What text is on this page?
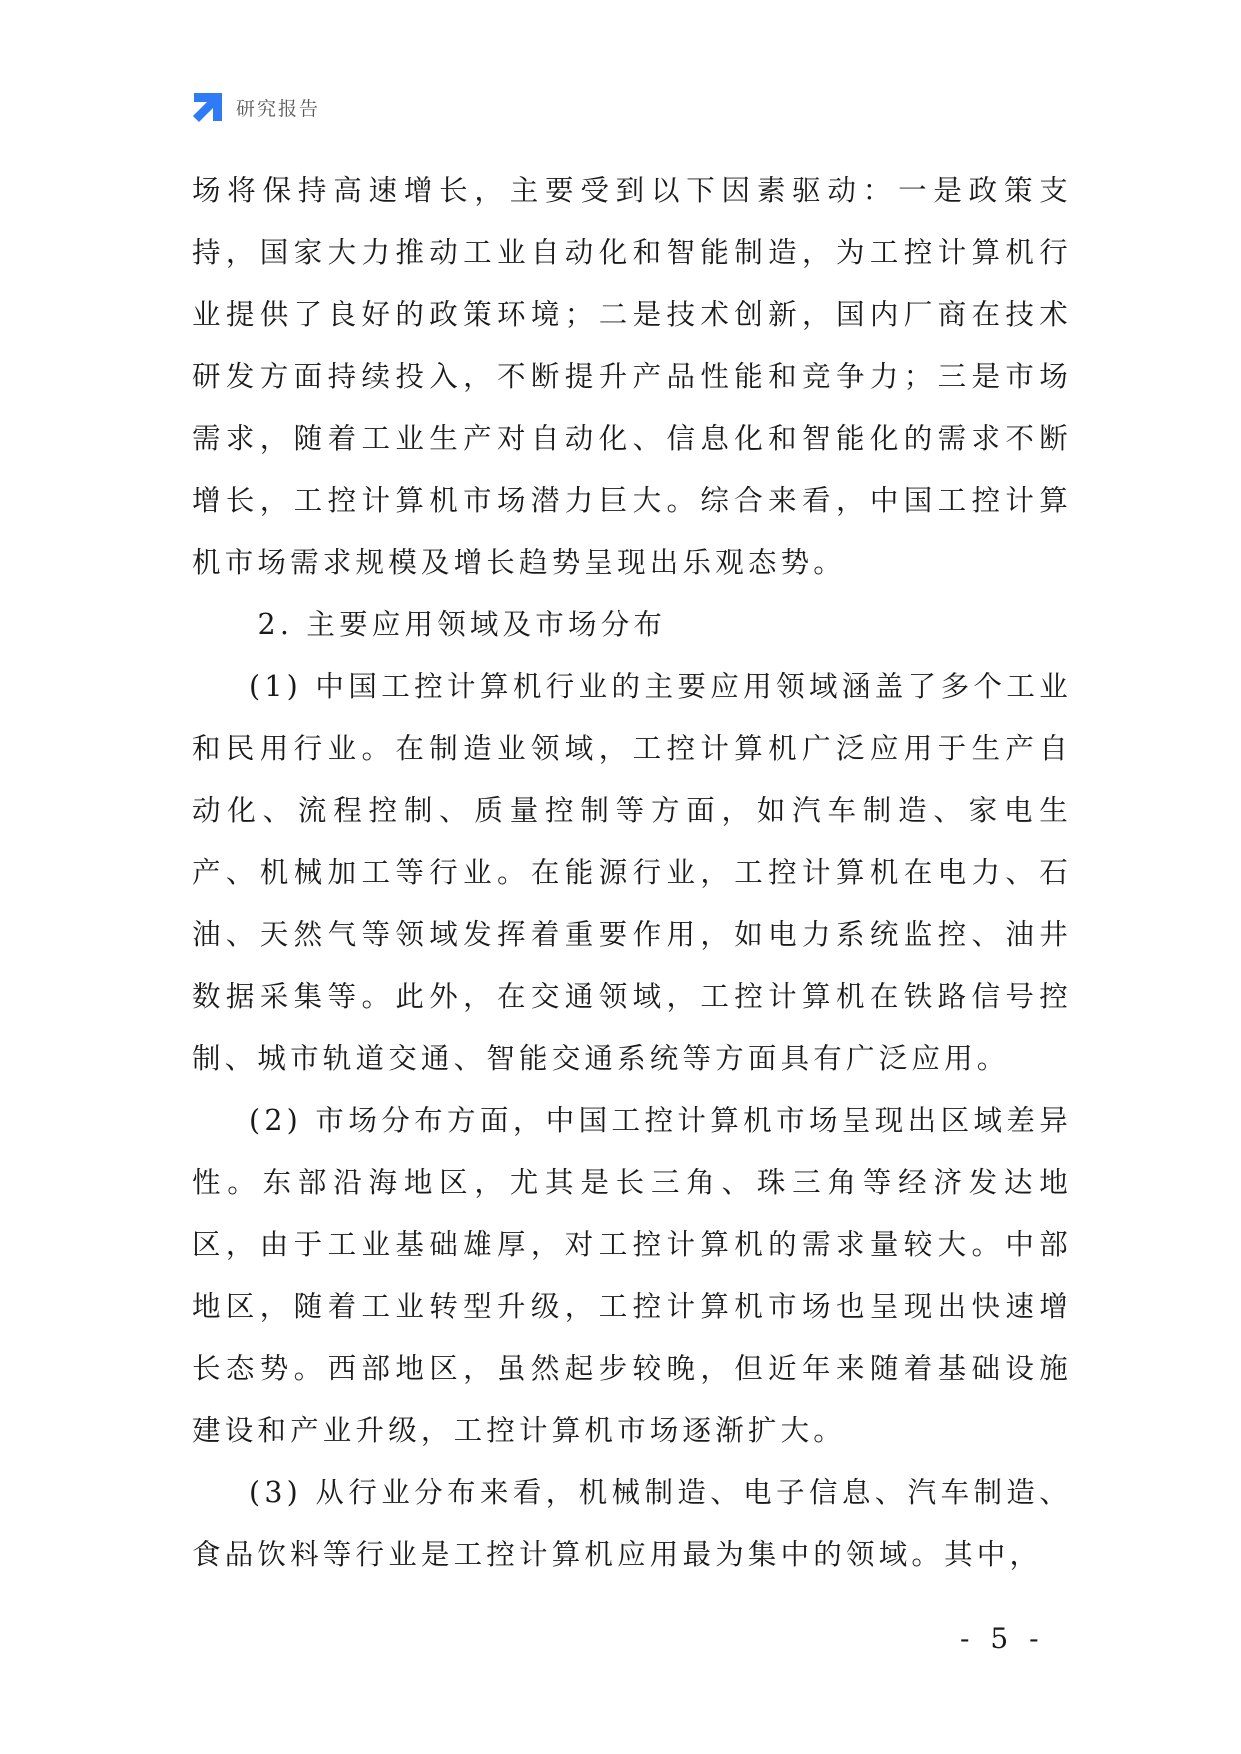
研究报告

场将保持高速增长，主要受到以下因素驱动：一是政策支持，国家大力推动工业自动化和智能制造，为工控计算机行业提供了良好的政策环境；二是技术创新，国内厂商在技术研发方面持续投入，不断提升产品性能和竞争力；三是市场需求，随着工业生产对自动化、信息化和智能化的需求不断增长，工控计算机市场潜力巨大。综合来看，中国工控计算机市场需求规模及增长趋势呈现出乐观态势。

2. 主要应用领域及市场分布

(1) 中国工控计算机行业的主要应用领域涵盖了多个工业和民用行业。在制造业领域，工控计算机广泛应用于生产自动化、流程控制、质量控制等方面，如汽车制造、家电生产、机械加工等行业。在能源行业，工控计算机在电力、石油、天然气等领域发挥着重要作用，如电力系统监控、油井数据采集等。此外，在交通领域，工控计算机在铁路信号控制、城市轨道交通、智能交通系统等方面具有广泛应用。

(2) 市场分布方面，中国工控计算机市场呈现出区域差异性。东部沿海地区，尤其是长三角、珠三角等经济发达地区，由于工业基础雄厚，对工控计算机的需求量较大。中部地区，随着工业转型升级，工控计算机市场也呈现出快速增长态势。西部地区，虽然起步较晚，但近年来随着基础设施建设和产业升级，工控计算机市场逐渐扩大。

(3) 从行业分布来看，机械制造、电子信息、汽车制造、食品饮料等行业是工控计算机应用最为集中的领域。其中，

- 5 -
